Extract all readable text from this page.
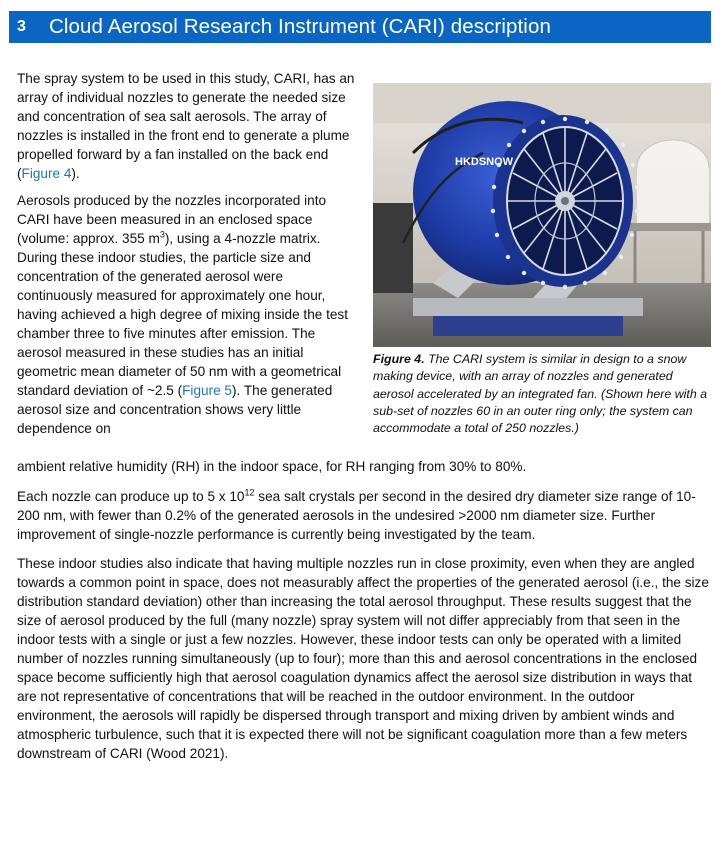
3	Cloud Aerosol Research Instrument (CARI) description

The spray system to be used in this study, CARI, has an array of individual nozzles to generate the needed size and concentration of sea salt aerosols. The array of nozzles is installed in the front end to generate a plume propelled forward by a fan installed on the back end (Figure 4).

Aerosols produced by the nozzles incorporated into CARI have been measured in an enclosed space (volume: approx. 355 $m^3$), using a 4-nozzle matrix. During these indoor studies, the particle size and concentration of the generated aerosol were continuously measured for approximately one hour, having achieved a high degree of mixing inside the test chamber three to five minutes after emission. The aerosol measured in these studies has an initial geometric mean diameter of 50 nm with a geometrical standard deviation of ~2.5 (Figure 5). The generated aerosol size and concentration shows very little dependence on

ambient relative humidity (RH) in the indoor space, for RH ranging from 30% to 80%.

Each nozzle can produce up to 5 x $10^{12}$ sea salt crystals per second in the desired dry diameter size range of 10-200 nm, with fewer than 0.2% of the generated aerosols in the undesired >2000 nm diameter size. Further improvement of single-nozzle performance is currently being investigated by the team.

These indoor studies also indicate that having multiple nozzles run in close proximity, even when they are angled towards a common point in space, does not measurably affect the properties of the generated aerosol (i.e., the size distribution standard deviation) other than increasing the total aerosol throughput. These results suggest that the size of aerosol produced by the full (many nozzle) spray system will not differ appreciably from that seen in the indoor tests with a single or just a few nozzles. However, these indoor tests can only be operated with a limited number of nozzles running simultaneously (up to four); more than this and aerosol concentrations in the enclosed space become sufficiently high that aerosol coagulation dynamics affect the aerosol size distribution in ways that are not representative of concentrations that will be reached in the outdoor environment. In the outdoor environment, the aerosols will rapidly be dispersed through transport and mixing driven by ambient winds and atmospheric turbulence, such that it is expected there will not be significant coagulation more than a few meters downstream of CARI (Wood 2021).

HKDSNOW
Figure 4. The CARI system is similar in design to a snow making device, with an array of nozzles and generated aerosol accelerated by an integrated fan. (Shown here with a sub-set of nozzles 60 in an outer ring only; the system can accommodate a total of 250 nozzles.)
